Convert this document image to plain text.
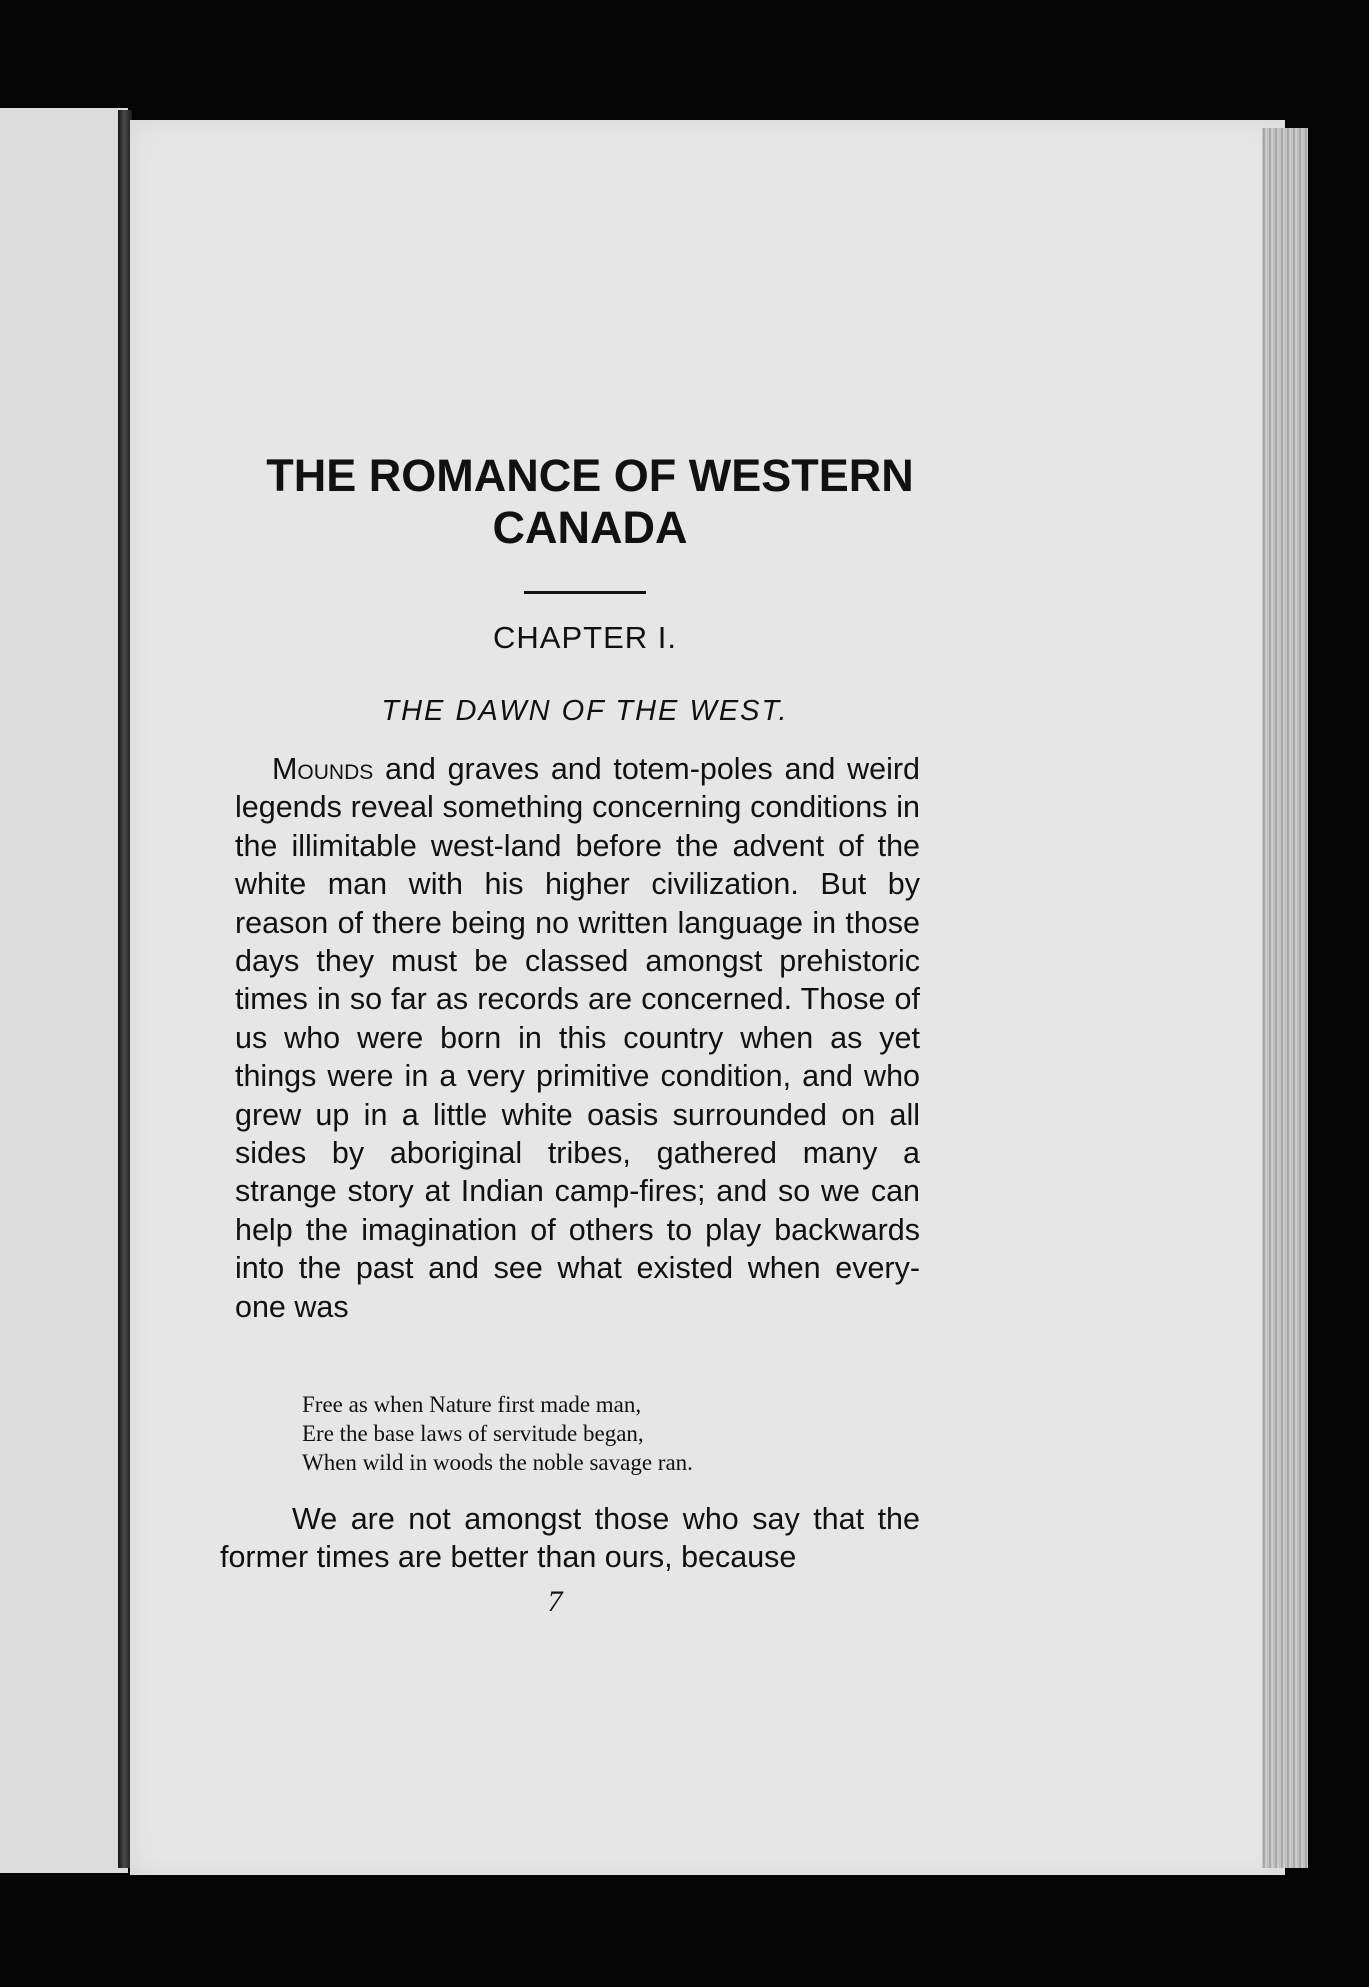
THE ROMANCE OF WESTERN
CANADA
CHAPTER I.
THE DAWN OF THE WEST.

Mounds and graves and totem-poles and weird legends reveal something concerning conditions in the illimitable west-land before the advent of the white man with his higher civilization. But by reason of there being no written language in those days they must be classed amongst prehistoric times in so far as records are concerned. Those of us who were born in this country when as yet things were in a very primitive condition, and who grew up in a little white oasis surrounded on all sides by aboriginal tribes, gathered many a strange story at Indian camp-fires; and so we can help the imagination of others to play backwards into the past and see what existed when every-one was

Free as when Nature first made man,
Ere the base laws of servitude began,
When wild in woods the noble savage ran.

We are not amongst those who say that the former times are better than ours, because

7
